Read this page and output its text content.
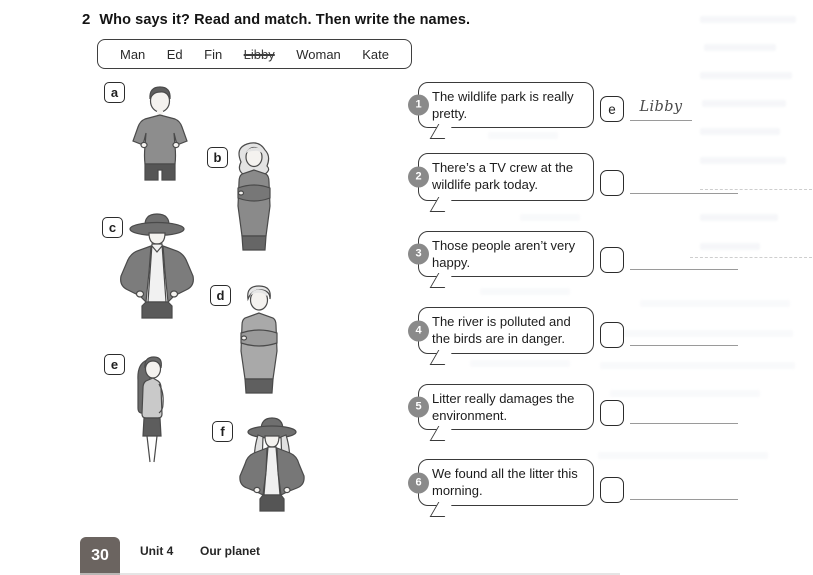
2 Who says it? Read and match. Then write the names.
Man Ed Fin Libby Woman Kate
a
b
c
d
e
f
1
The wildlife park is really pretty.
2
There’s a TV crew at the wildlife park today.
3
Those people aren’t very happy.
4
The river is polluted and the birds are in danger.
5
Litter really damages the environment.
6
We found all the litter this morning.
e	Libby
30	Unit 4 Our planet
